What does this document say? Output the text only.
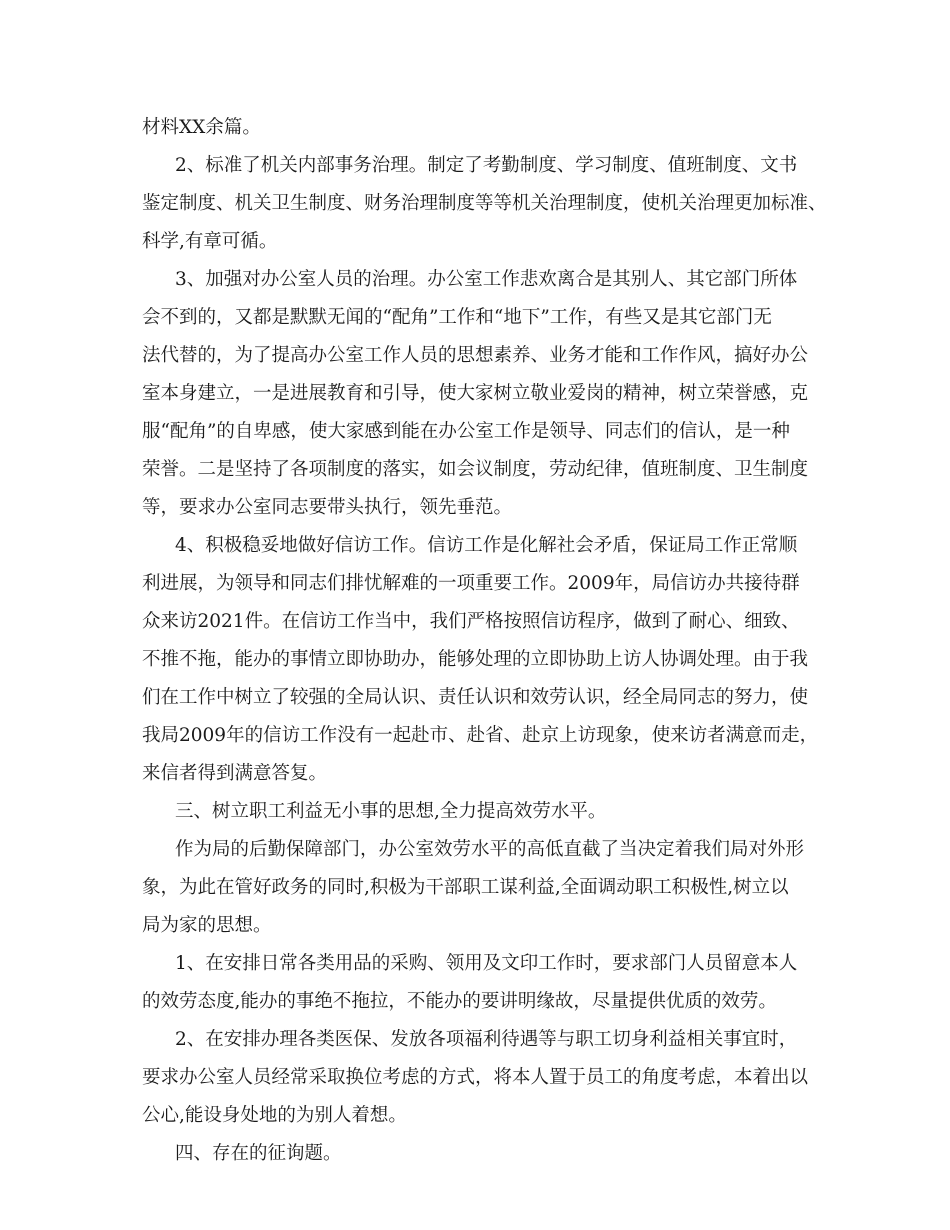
材料XX余篇。
2、标准了机关内部事务治理。制定了考勤制度、学习制度、值班制度、文书
鉴定制度、机关卫生制度、财务治理制度等等机关治理制度，使机关治理更加标准、
科学,有章可循。
3、加强对办公室人员的治理。办公室工作悲欢离合是其别人、其它部门所体
会不到的，又都是默默无闻的“配角”工作和“地下”工作，有些又是其它部门无
法代替的，为了提高办公室工作人员的思想素养、业务才能和工作作风，搞好办公
室本身建立，一是进展教育和引导，使大家树立敬业爱岗的精神，树立荣誉感，克
服“配角”的自卑感，使大家感到能在办公室工作是领导、同志们的信认，是一种
荣誉。二是坚持了各项制度的落实，如会议制度，劳动纪律，值班制度、卫生制度
等，要求办公室同志要带头执行，领先垂范。
4、积极稳妥地做好信访工作。信访工作是化解社会矛盾，保证局工作正常顺
利进展，为领导和同志们排忧解难的一项重要工作。2009年，局信访办共接待群
众来访2021件。在信访工作当中，我们严格按照信访程序，做到了耐心、细致、
不推不拖，能办的事情立即协助办，能够处理的立即协助上访人协调处理。由于我
们在工作中树立了较强的全局认识、责任认识和效劳认识，经全局同志的努力，使
我局2009年的信访工作没有一起赴市、赴省、赴京上访现象，使来访者满意而走，
来信者得到满意答复。
三、树立职工利益无小事的思想,全力提高效劳水平。
作为局的后勤保障部门，办公室效劳水平的高低直截了当决定着我们局对外形
象，为此在管好政务的同时,积极为干部职工谋利益,全面调动职工积极性,树立以
局为家的思想。
1、在安排日常各类用品的采购、领用及文印工作时，要求部门人员留意本人
的效劳态度,能办的事绝不拖拉，不能办的要讲明缘故，尽量提供优质的效劳。
2、在安排办理各类医保、发放各项福利待遇等与职工切身利益相关事宜时，
要求办公室人员经常采取换位考虑的方式，将本人置于员工的角度考虑，本着出以
公心,能设身处地的为别人着想。
四、存在的征询题。
